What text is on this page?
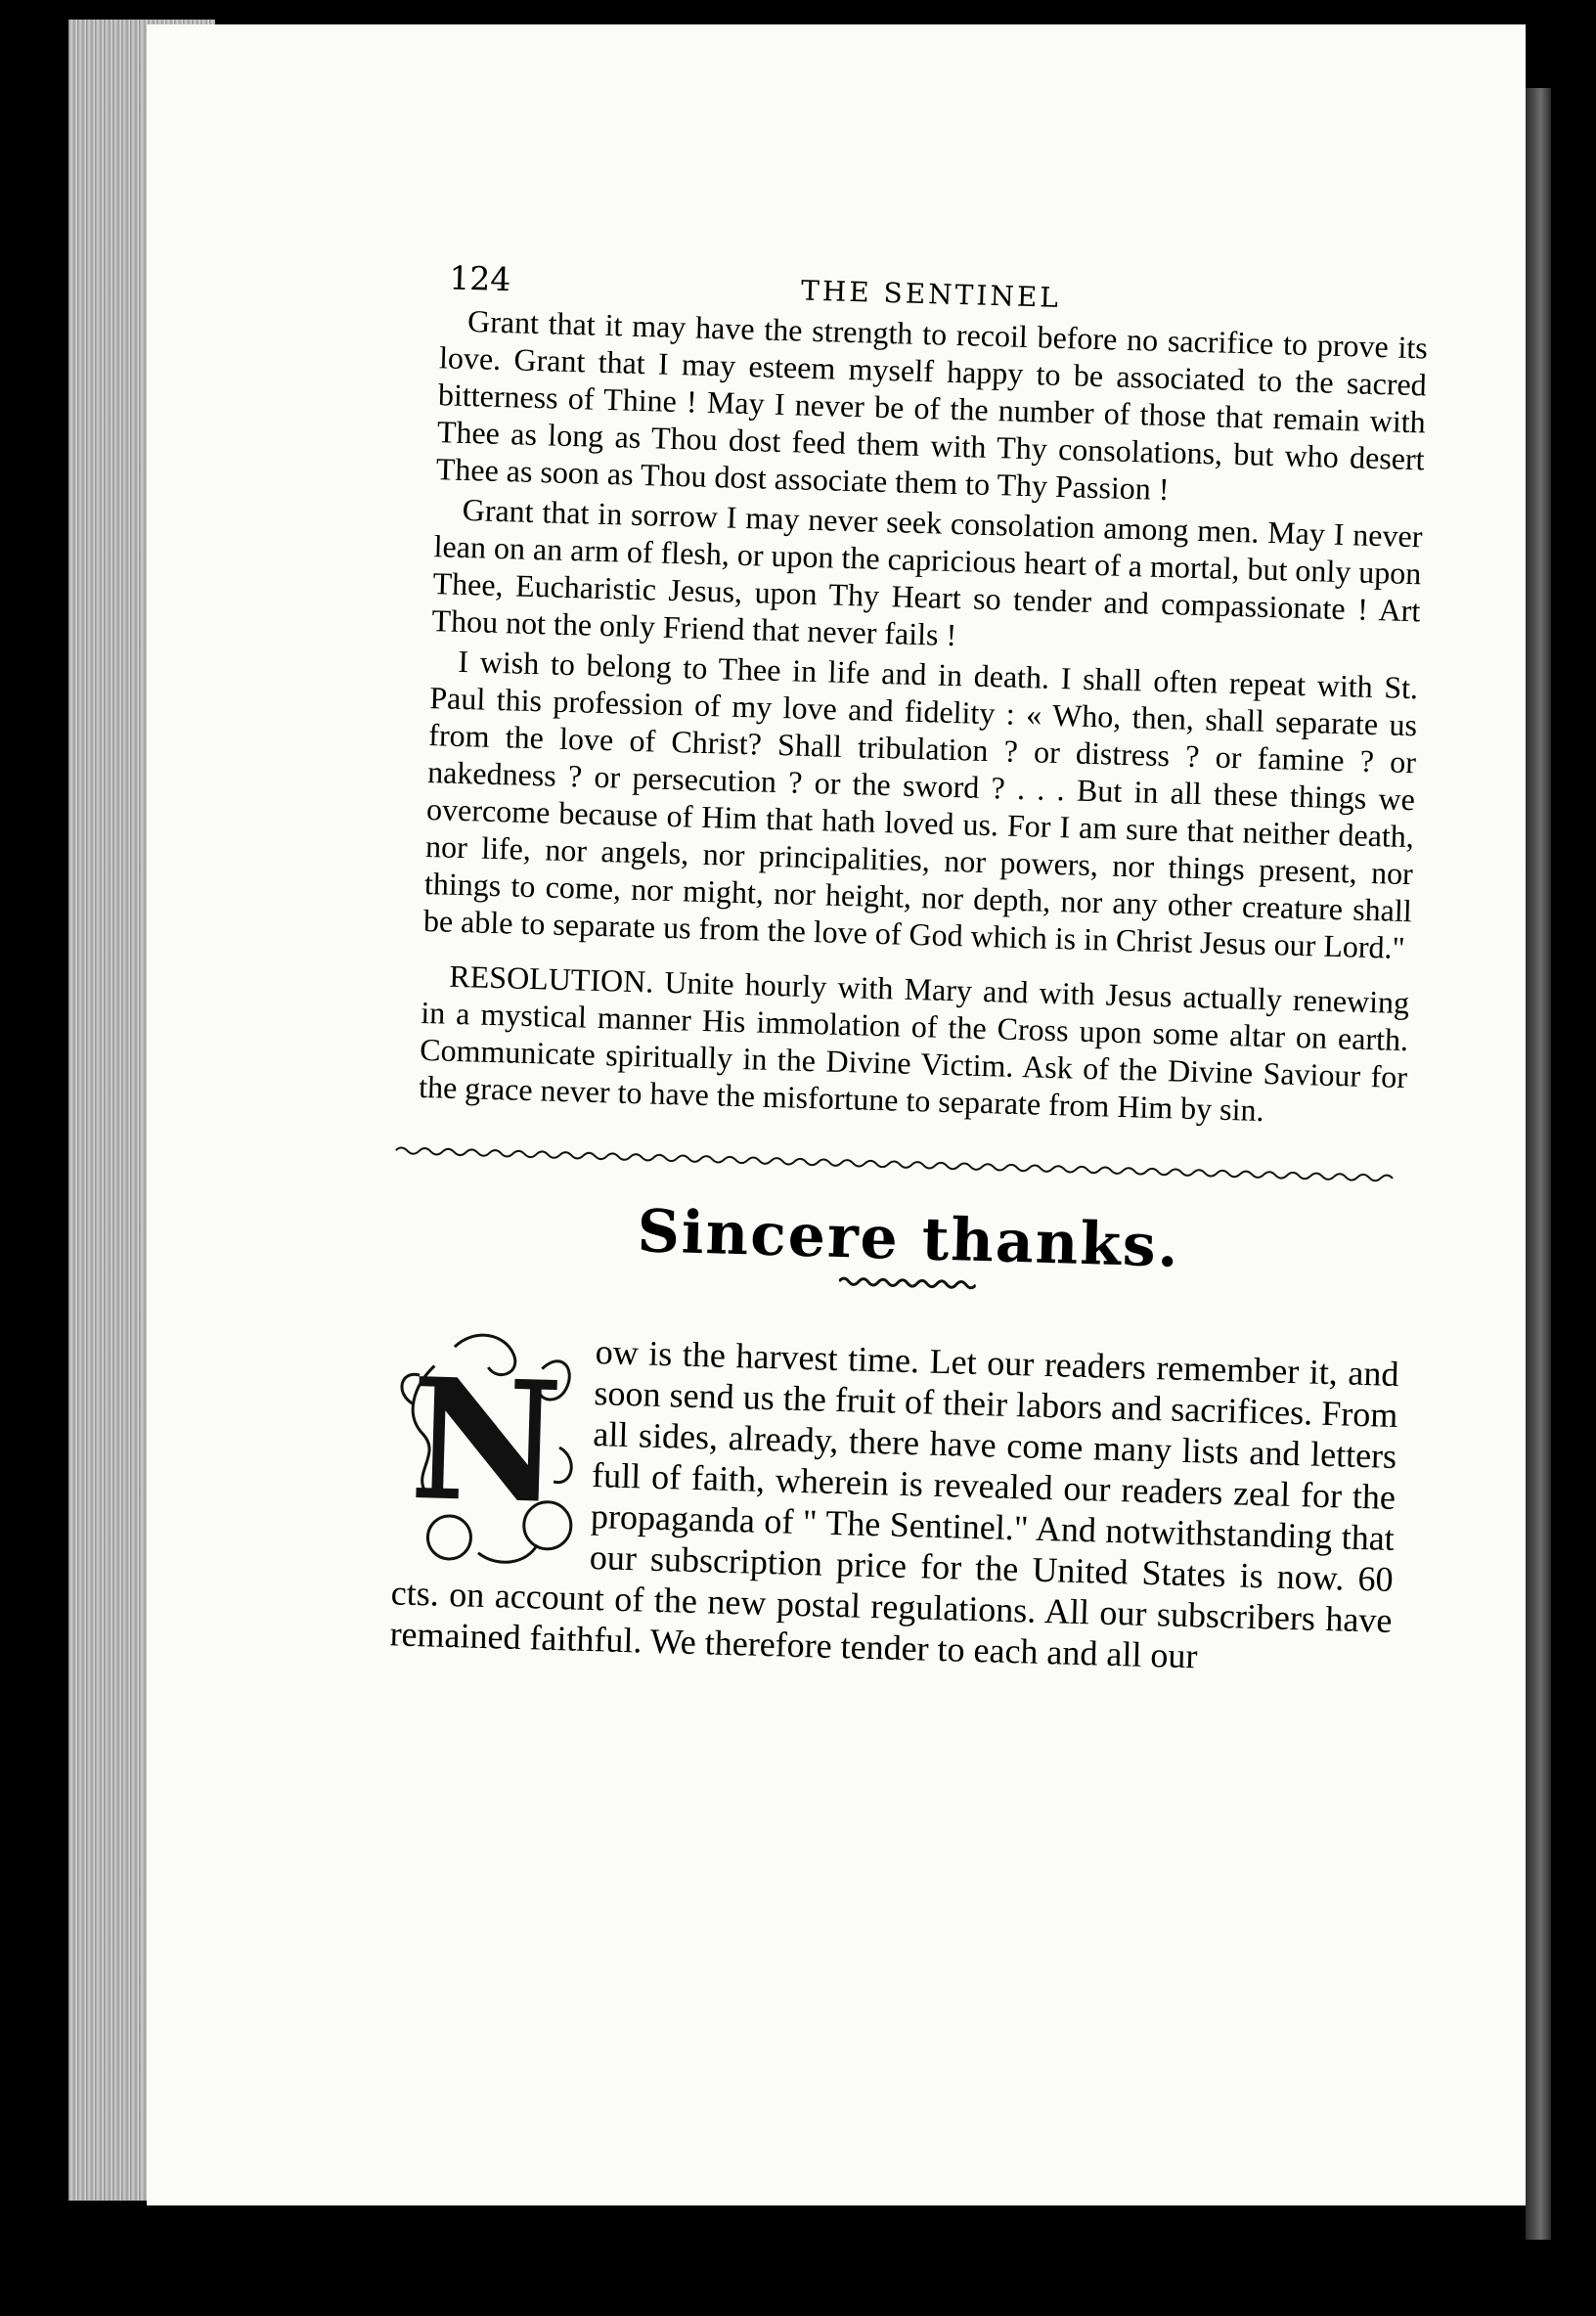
124	THE SENTINEL

Grant that it may have the strength to recoil before no sacrifice to prove its love. Grant that I may esteem myself happy to be associated to the sacred bitterness of Thine ! May I never be of the number of those that remain with Thee as long as Thou dost feed them with Thy consolations, but who desert Thee as soon as Thou dost associate them to Thy Passion !

Grant that in sorrow I may never seek consolation among men. May I never lean on an arm of flesh, or upon the capricious heart of a mortal, but only upon Thee, Eucharistic Jesus, upon Thy Heart so tender and compassionate ! Art Thou not the only Friend that never fails !

I wish to belong to Thee in life and in death. I shall often repeat with St. Paul this profession of my love and fidelity : « Who, then, shall separate us from the love of Christ? Shall tribulation ? or distress ? or famine ? or nakedness ? or persecution ? or the sword ? . . . But in all these things we overcome because of Him that hath loved us. For I am sure that neither death, nor life, nor angels, nor principalities, nor powers, nor things present, nor things to come, nor might, nor height, nor depth, nor any other creature shall be able to separate us from the love of God which is in Christ Jesus our Lord."

RESOLUTION. Unite hourly with Mary and with Jesus actually renewing in a mystical manner His immolation of the Cross upon some altar on earth. Communicate spiritually in the Divine Victim. Ask of the Divine Saviour for the grace never to have the misfortune to separate from Him by sin.

Sincere thanks.
N ow is the harvest time. Let our readers remember it, and soon send us the fruit of their labors and sacrifices. From all sides, already, there have come many lists and letters full of faith, wherein is revealed our readers zeal for the propaganda of " The Sentinel." And notwithstanding that our subscription price for the United States is now. 60 cts. on account of the new postal regulations. All our subscribers have remained faithful. We therefore tender to each and all our
